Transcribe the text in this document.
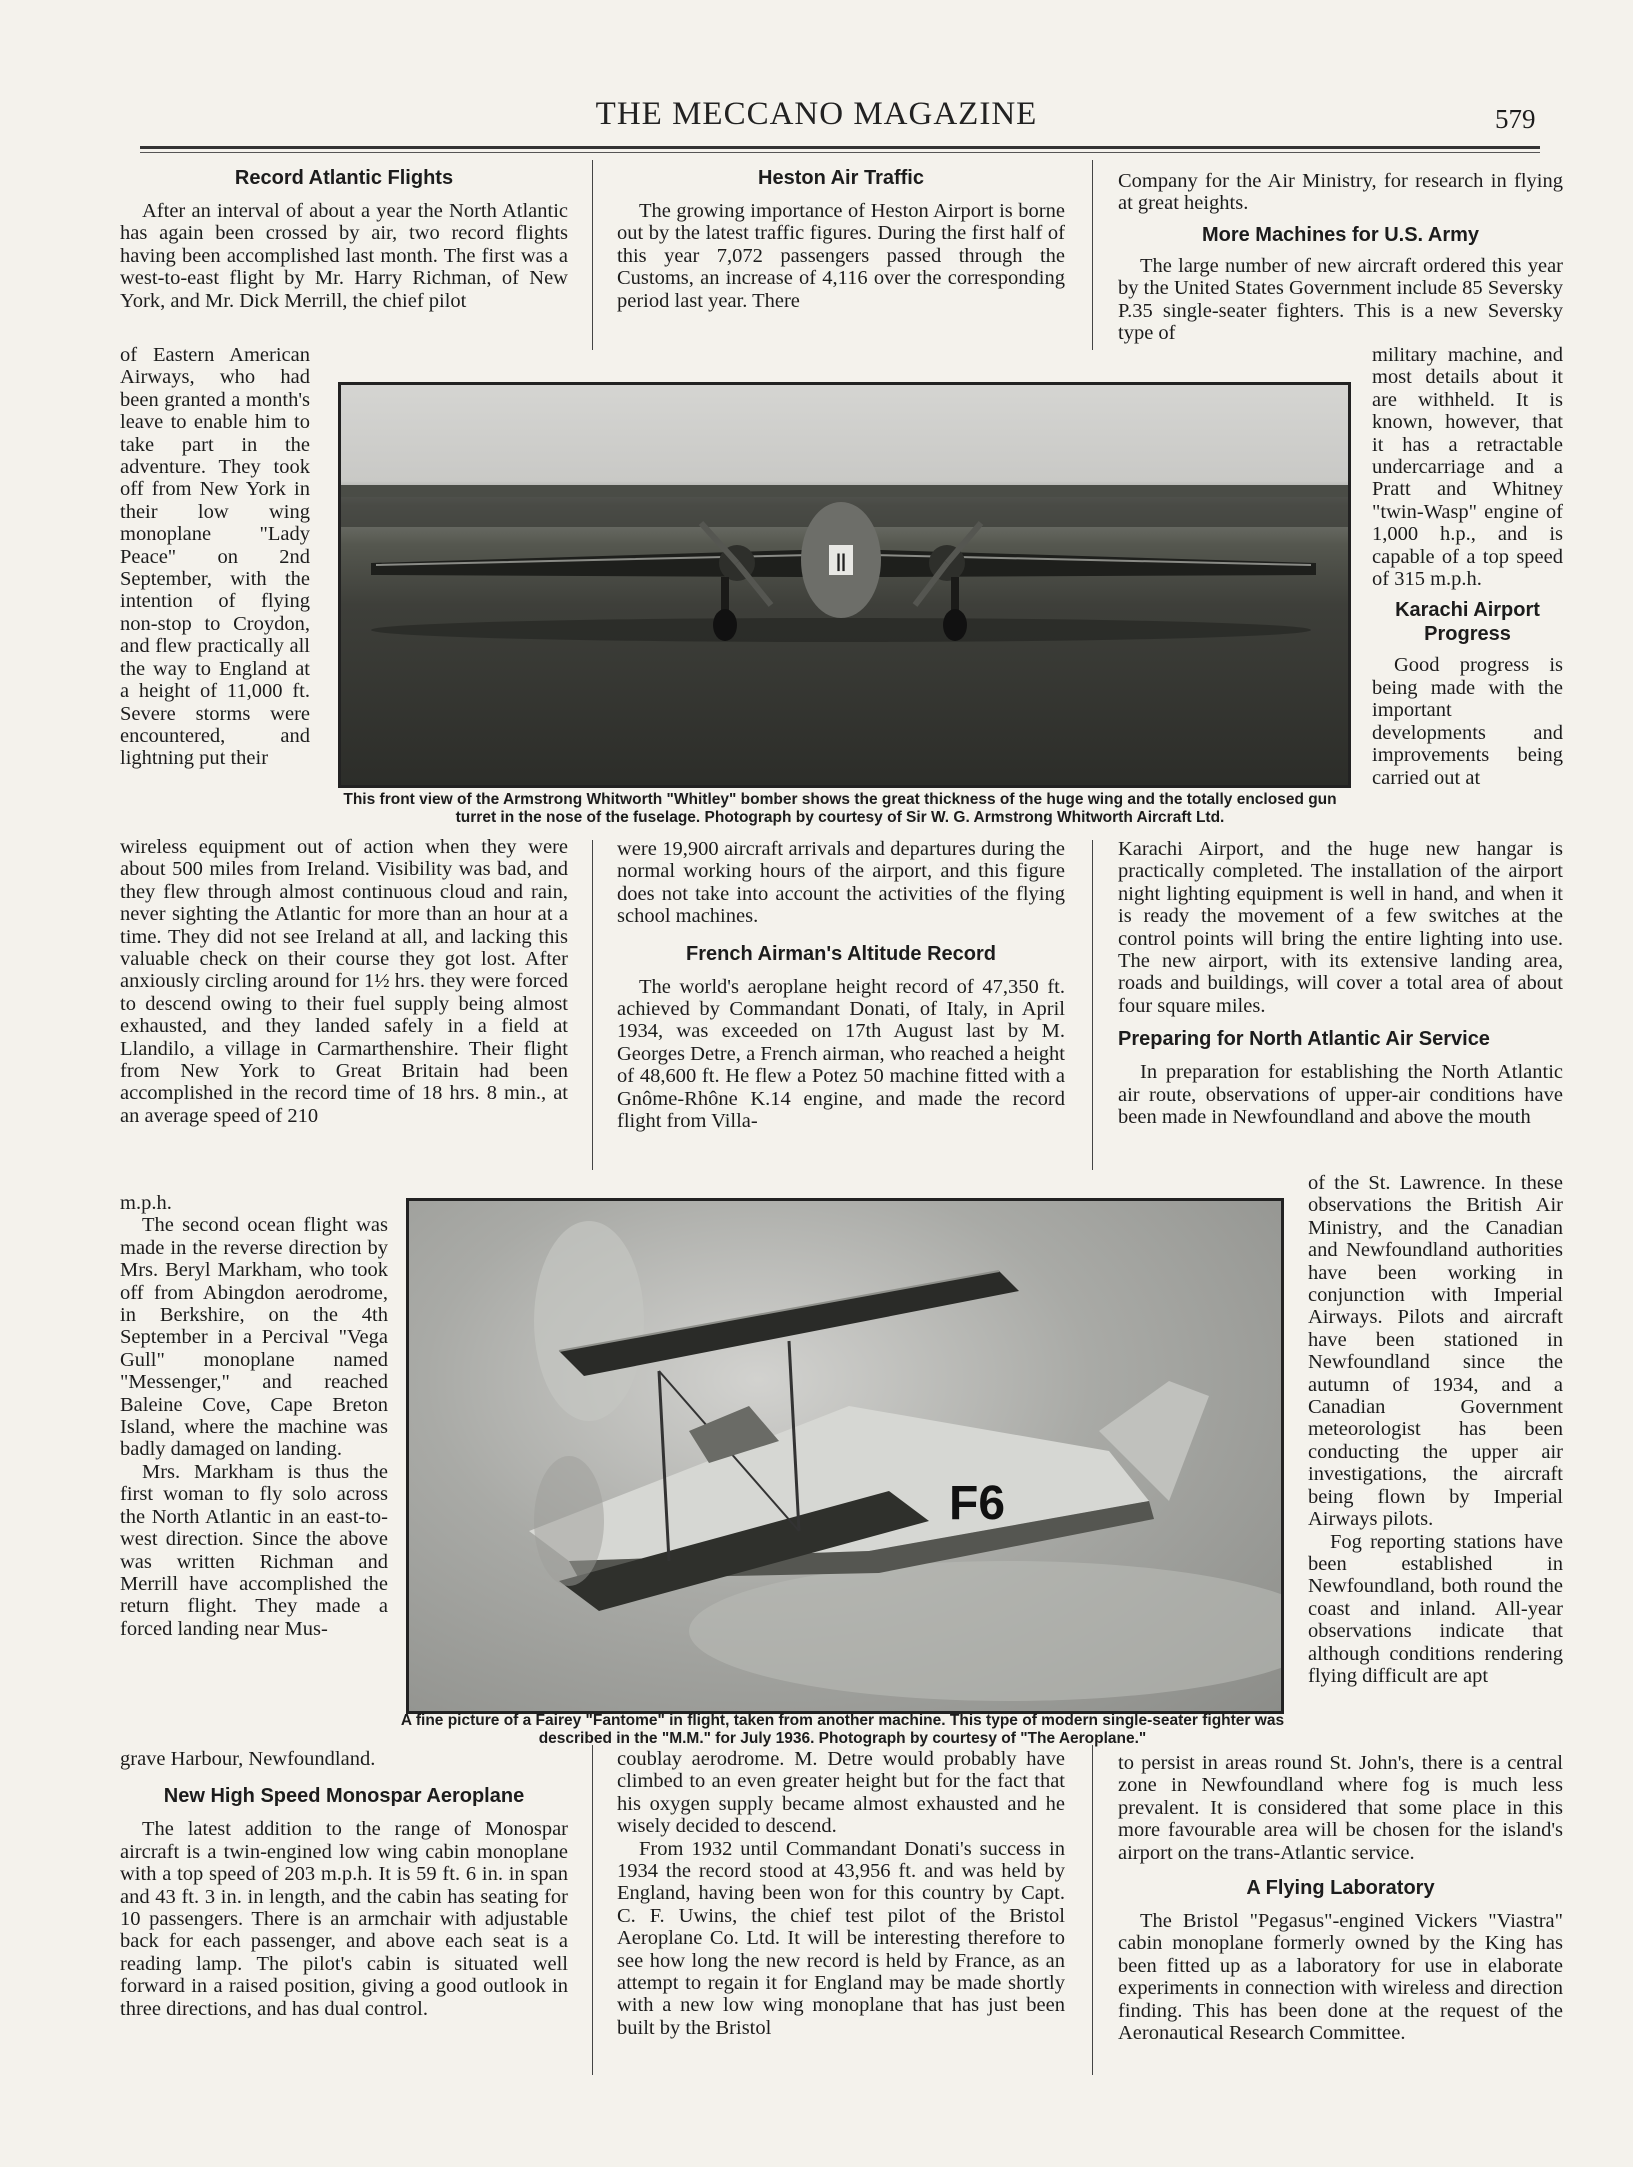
THE MECCANO MAGAZINE	579

Record Atlantic Flights

After an interval of about a year the North Atlantic has again been crossed by air, two record flights having been accomplished last month. The first was a west-to-east flight by Mr. Harry Richman, of New York, and Mr. Dick Merrill, the chief pilot

of Eastern American Airways, who had been granted a month's leave to enable him to take part in the adventure. They took off from New York in their low wing monoplane "Lady Peace" on 2nd September, with the intention of flying non-stop to Croydon, and flew practically all the way to England at a height of 11,000 ft. Severe storms were encountered, and lightning put their

wireless equipment out of action when they were about 500 miles from Ireland. Visibility was bad, and they flew through almost continuous cloud and rain, never sighting the Atlantic for more than an hour at a time. They did not see Ireland at all, and lacking this valuable check on their course they got lost. After anxiously circling around for 1½ hrs. they were forced to descend owing to their fuel supply being almost exhausted, and they landed safely in a field at Llandilo, a village in Carmarthenshire. Their flight from New York to Great Britain had been accomplished in the record time of 18 hrs. 8 min., at an average speed of 210

m.p.h.

The second ocean flight was made in the reverse direction by Mrs. Beryl Markham, who took off from Abingdon aerodrome, in Berkshire, on the 4th September in a Percival "Vega Gull" monoplane named "Messenger," and reached Baleine Cove, Cape Breton Island, where the machine was badly damaged on landing.

Mrs. Markham is thus the first woman to fly solo across the North Atlantic in an east-to-west direction. Since the above was written Richman and Merrill have accomplished the return flight. They made a forced landing near Mus-

grave Harbour, Newfoundland.

New High Speed Monospar Aeroplane

The latest addition to the range of Monospar aircraft is a twin-engined low wing cabin monoplane with a top speed of 203 m.p.h. It is 59 ft. 6 in. in span and 43 ft. 3 in. in length, and the cabin has seating for 10 passengers. There is an armchair with adjustable back for each passenger, and above each seat is a reading lamp. The pilot's cabin is situated well forward in a raised position, giving a good outlook in three directions, and has dual control.

Heston Air Traffic

The growing importance of Heston Airport is borne out by the latest traffic figures. During the first half of this year 7,072 passengers passed through the Customs, an increase of 4,116 over the corresponding period last year. There

were 19,900 aircraft arrivals and departures during the normal working hours of the airport, and this figure does not take into account the activities of the flying school machines.

French Airman's Altitude Record

The world's aeroplane height record of 47,350 ft. achieved by Commandant Donati, of Italy, in April 1934, was exceeded on 17th August last by M. Georges Detre, a French airman, who reached a height of 48,600 ft. He flew a Potez 50 machine fitted with a Gnôme-Rhône K.14 engine, and made the record flight from Villa-

coublay aerodrome. M. Detre would probably have climbed to an even greater height but for the fact that his oxygen supply became almost exhausted and he wisely decided to descend.

From 1932 until Commandant Donati's success in 1934 the record stood at 43,956 ft. and was held by England, having been won for this country by Capt. C. F. Uwins, the chief test pilot of the Bristol Aeroplane Co. Ltd. It will be interesting therefore to see how long the new record is held by France, as an attempt to regain it for England may be made shortly with a new low wing monoplane that has just been built by the Bristol

Company for the Air Ministry, for research in flying at great heights.

More Machines for U.S. Army

The large number of new aircraft ordered this year by the United States Government include 85 Seversky P.35 single-seater fighters. This is a new Seversky type of

military machine, and most details about it are withheld. It is known, however, that it has a retractable undercarriage and a Pratt and Whitney "twin-Wasp" engine of 1,000 h.p., and is capable of a top speed of 315 m.p.h.

Karachi Airport Progress

Good progress is being made with the important developments and improvements being carried out at

Karachi Airport, and the huge new hangar is practically completed. The installation of the airport night lighting equipment is well in hand, and when it is ready the movement of a few switches at the control points will bring the entire lighting into use. The new airport, with its extensive landing area, roads and buildings, will cover a total area of about four square miles.

Preparing for North Atlantic Air Service

In preparation for establishing the North Atlantic air route, observations of upper-air conditions have been made in Newfoundland and above the mouth

of the St. Lawrence. In these observations the British Air Ministry, and the Canadian and Newfoundland authorities have been working in conjunction with Imperial Airways. Pilots and aircraft have been stationed in Newfoundland since the autumn of 1934, and a Canadian Government meteorologist has been conducting the upper air investigations, the aircraft being flown by Imperial Airways pilots.

Fog reporting stations have been established in Newfoundland, both round the coast and inland. All-year observations indicate that although conditions rendering flying difficult are apt

to persist in areas round St. John's, there is a central zone in Newfoundland where fog is much less prevalent. It is considered that some place in this more favourable area will be chosen for the island's airport on the trans-Atlantic service.

A Flying Laboratory

The Bristol "Pegasus"-engined Vickers "Viastra" cabin monoplane formerly owned by the King has been fitted up as a laboratory for use in elaborate experiments in connection with wireless and direction finding. This has been done at the request of the Aeronautical Research Committee.

||
This front view of the Armstrong Whitworth "Whitley" bomber shows the great thickness of the huge wing and the totally enclosed gun turret in the nose of the fuselage. Photograph by courtesy of Sir W. G. Armstrong Whitworth Aircraft Ltd.
F6
A fine picture of a Fairey "Fantome" in flight, taken from another machine. This type of modern single-seater fighter was described in the "M.M." for July 1936. Photograph by courtesy of "The Aeroplane."
